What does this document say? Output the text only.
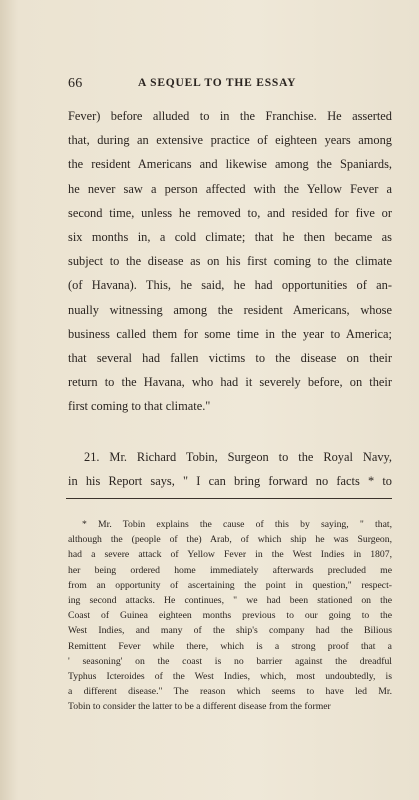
66	A SEQUEL TO THE ESSAY
Fever) before alluded to in the Franchise. He asserted
that, during an extensive practice of eighteen years among
the resident Americans and likewise among the Spaniards,
he never saw a person affected with the Yellow Fever a
second time, unless he removed to, and resided for five or
six months in, a cold climate; that he then became as
subject to the disease as on his first coming to the climate
(of Havana). This, he said, he had opportunities of an-
nually witnessing among the resident Americans, whose
business called them for some time in the year to America;
that several had fallen victims to the disease on their
return to the Havana, who had it severely before, on their
first coming to that climate."
21. Mr. Richard Tobin, Surgeon to the Royal Navy,
in his Report says, " I can bring forward no facts * to
* Mr. Tobin explains the cause of this by saying, " that,
although the (people of the) Arab, of which ship he was Surgeon,
had a severe attack of Yellow Fever in the West Indies in 1807,
her being ordered home immediately afterwards precluded me
from an opportunity of ascertaining the point in question," respect-
ing second attacks. He continues, " we had been stationed on the
Coast of Guinea eighteen months previous to our going to the
West Indies, and many of the ship's company had the Bilious
Remittent Fever while there, which is a strong proof that a
' seasoning' on the coast is no barrier against the dreadful
Typhus Icteroides of the West Indies, which, most undoubtedly, is
a different disease." The reason which seems to have led Mr.
Tobin to consider the latter to be a different disease from the former
